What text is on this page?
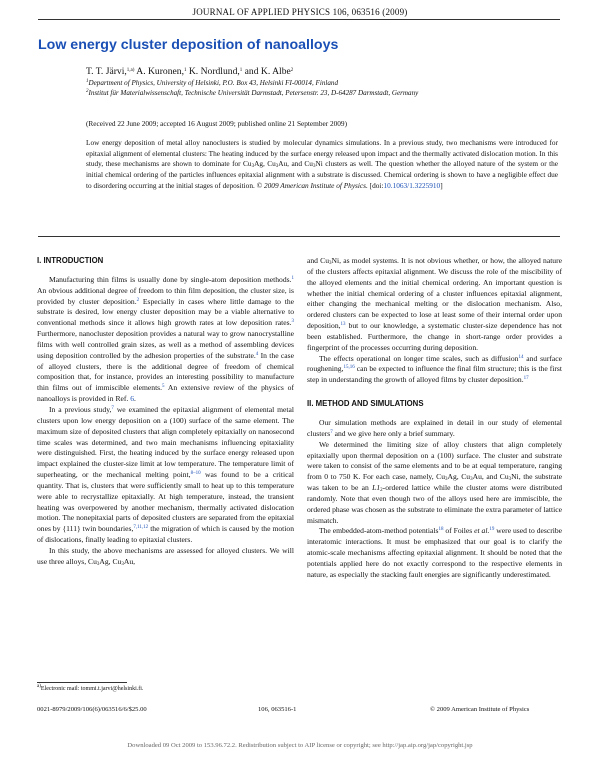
JOURNAL OF APPLIED PHYSICS 106, 063516 (2009)
Low energy cluster deposition of nanoalloys
T. T. Järvi,$^{1,a)}$ A. Kuronen,$^1$ K. Nordlund,$^1$ and K. Albe$^2$
$^1$Department of Physics, University of Helsinki, P.O. Box 43, Helsinki FI-00014, Finland
$^2$Institut für Materialwissenschaft, Technische Universität Darmstadt, Petersenstr. 23, D-64287 Darmstadt, Germany
(Received 22 June 2009; accepted 16 August 2009; published online 21 September 2009)

Low energy deposition of metal alloy nanoclusters is studied by molecular dynamics simulations. In a previous study, two mechanisms were introduced for epitaxial alignment of elemental clusters: The heating induced by the surface energy released upon impact and the thermally activated dislocation motion. In this study, these mechanisms are shown to dominate for $Cu_3Ag$, $Cu_3Au$, and $Cu_3Ni$ clusters as well. The question whether the alloyed nature of the system or the initial chemical ordering of the particles influences epitaxial alignment with a substrate is discussed. Chemical ordering is shown to have a negligible effect due to disordering occurring at the initial stages of deposition. © 2009 American Institute of Physics. [doi:10.1063/1.3225910]

I. INTRODUCTION

Manufacturing thin films is usually done by single-atom deposition methods.$^1$ An obvious additional degree of freedom to thin film deposition, the cluster size, is provided by cluster deposition.$^2$ Especially in cases where little damage to the substrate is desired, low energy cluster deposition may be a viable alternative to conventional methods since it allows high growth rates at low deposition rates.$^3$ Furthermore, nanocluster deposition provides a natural way to grow nanocrystalline films with well controlled grain sizes, as well as a method of assembling devices using deposition controlled by the adhesion properties of the substrate.$^4$ In the case of alloyed clusters, there is the additional degree of freedom of chemical composition that, for instance, provides an interesting possibility to manufacture thin films out of immiscible elements.$^5$ An extensive review of the physics of nanoalloys is provided in Ref. 6.

In a previous study,$^7$ we examined the epitaxial alignment of elemental metal clusters upon low energy deposition on a (100) surface of the same element. The maximum size of deposited clusters that align completely epitaxially on nanosecond time scales was determined, and two main mechanisms influencing epitaxiality were distinguished. First, the heating induced by the surface energy released upon impact explained the cluster-size limit at low temperature. The temperature limit of superheating, or the mechanical melting point,$^{8-10}$ was found to be a critical quantity. That is, clusters that were sufficiently small to heat up to this temperature were able to recrystallize epitaxially. At high temperature, instead, the transient heating was overpowered by another mechanism, thermally activated dislocation motion. The nonepitaxial parts of deposited clusters are separated from the epitaxial ones by {111} twin boundaries,$^{7,11,12}$ the migration of which is caused by the motion of dislocations, finally leading to epitaxial clusters.

In this study, the above mechanisms are assessed for alloyed clusters. We will use three alloys, $Cu_3Ag$, $Cu_3Au$,

$^{a)}$Electronic mail: tommi.t.jarvi@helsinki.fi.

and $Cu_3Ni$, as model systems. It is not obvious whether, or how, the alloyed nature of the clusters affects epitaxial alignment. We discuss the role of the miscibility of the alloyed elements and the initial chemical ordering. An important question is whether the initial chemical ordering of a cluster influences epitaxial alignment, either changing the mechanical melting or the dislocation mechanism. Also, ordered clusters can be expected to lose at least some of their internal order upon deposition,$^{13}$ but to our knowledge, a systematic cluster-size dependence has not been established. Furthermore, the change in short-range order provides a fingerprint of the processes occurring during deposition.

The effects operational on longer time scales, such as diffusion$^{14}$ and surface roughening,$^{15,16}$ can be expected to influence the final film structure; this is the first step in understanding the growth of alloyed films by cluster deposition.$^{17}$

II. METHOD AND SIMULATIONS

Our simulation methods are explained in detail in our study of elemental clusters$^7$ and we give here only a brief summary.

We determined the limiting size of alloy clusters that align completely epitaxially upon thermal deposition on a (100) surface. The cluster and substrate were taken to consist of the same elements and to be at equal temperature, ranging from 0 to 750 K. For each case, namely, $Cu_3Ag$, $Cu_3Au$, and $Cu_3Ni$, the substrate was taken to be an $L1_2$-ordered lattice while the cluster atoms were distributed randomly. Note that even though two of the alloys used here are immiscible, the ordered phase was chosen as the substrate to eliminate the extra parameter of lattice mismatch.

The embedded-atom-method potentials$^{18}$ of Foiles et al.$^{19}$ were used to describe interatomic interactions. It must be emphasized that our goal is to clarify the atomic-scale mechanisms affecting epitaxial alignment. It should be noted that the potentials applied here do not exactly correspond to the respective elements in nature, as especially the stacking fault energies are significantly underestimated.

0021-8979/2009/106(6)/063516/6/$25.00	106, 063516-1	© 2009 American Institute of Physics
Downloaded 09 Oct 2009 to 153.96.72.2. Redistribution subject to AIP license or copyright; see http://jap.aip.org/jap/copyright.jsp
